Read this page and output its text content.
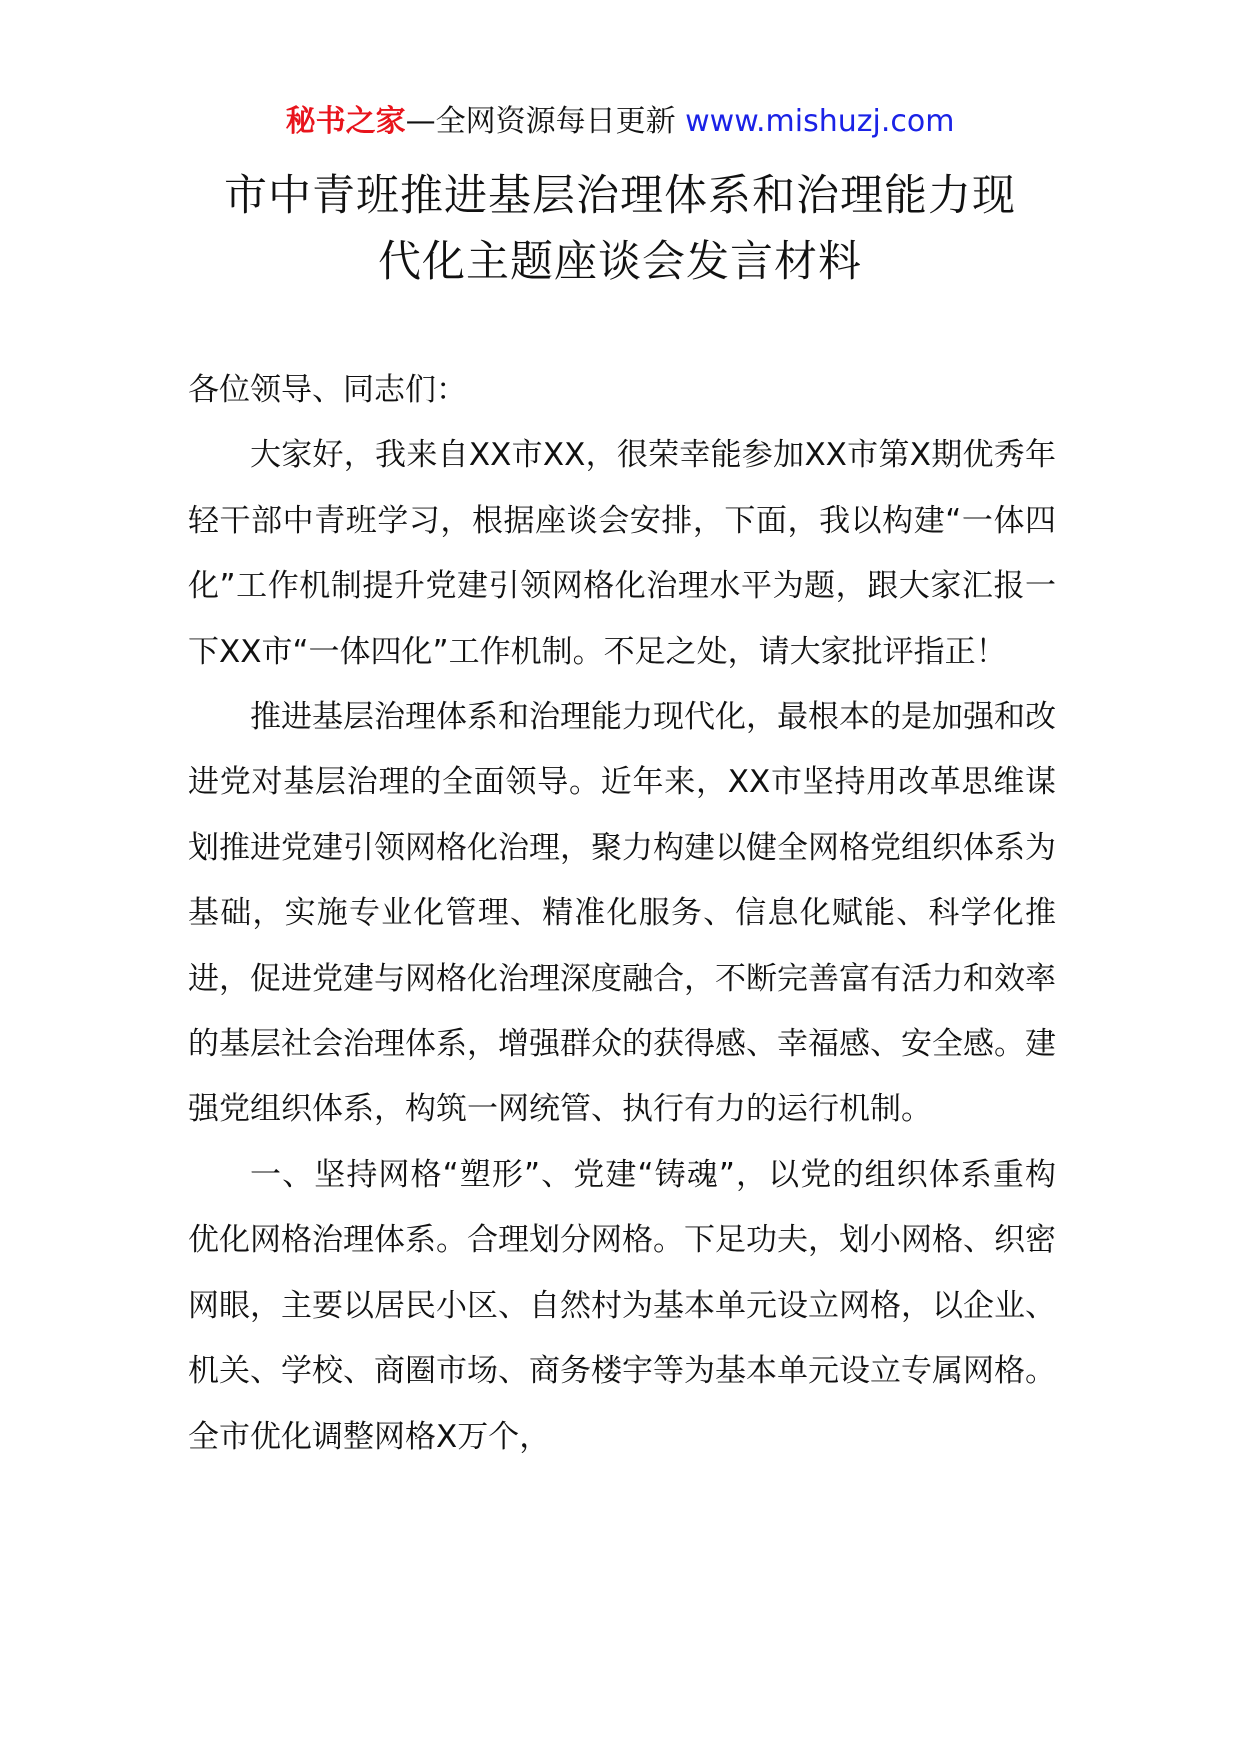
秘书之家—全网资源每日更新 www.mishuzj.com
市中青班推进基层治理体系和治理能力现
代化主题座谈会发言材料

各位领导、同志们：

大家好，我来自XX市XX，很荣幸能参加XX市第X期优秀年轻干部中青班学习，根据座谈会安排，下面，我以构建“一体四化”工作机制提升党建引领网格化治理水平为题，跟大家汇报一下XX市“一体四化”工作机制。不足之处，请大家批评指正！

推进基层治理体系和治理能力现代化，最根本的是加强和改进党对基层治理的全面领导。近年来，XX市坚持用改革思维谋划推进党建引领网格化治理，聚力构建以健全网格党组织体系为基础，实施专业化管理、精准化服务、信息化赋能、科学化推进，促进党建与网格化治理深度融合，不断完善富有活力和效率的基层社会治理体系，增强群众的获得感、幸福感、安全感。建强党组织体系，构筑一网统管、执行有力的运行机制。

一、坚持网格“塑形”、党建“铸魂”，以党的组织体系重构优化网格治理体系。合理划分网格。下足功夫，划小网格、织密网眼，主要以居民小区、自然村为基本单元设立网格，以企业、机关、学校、商圈市场、商务楼宇等为基本单元设立专属网格。全市优化调整网格X万个，
